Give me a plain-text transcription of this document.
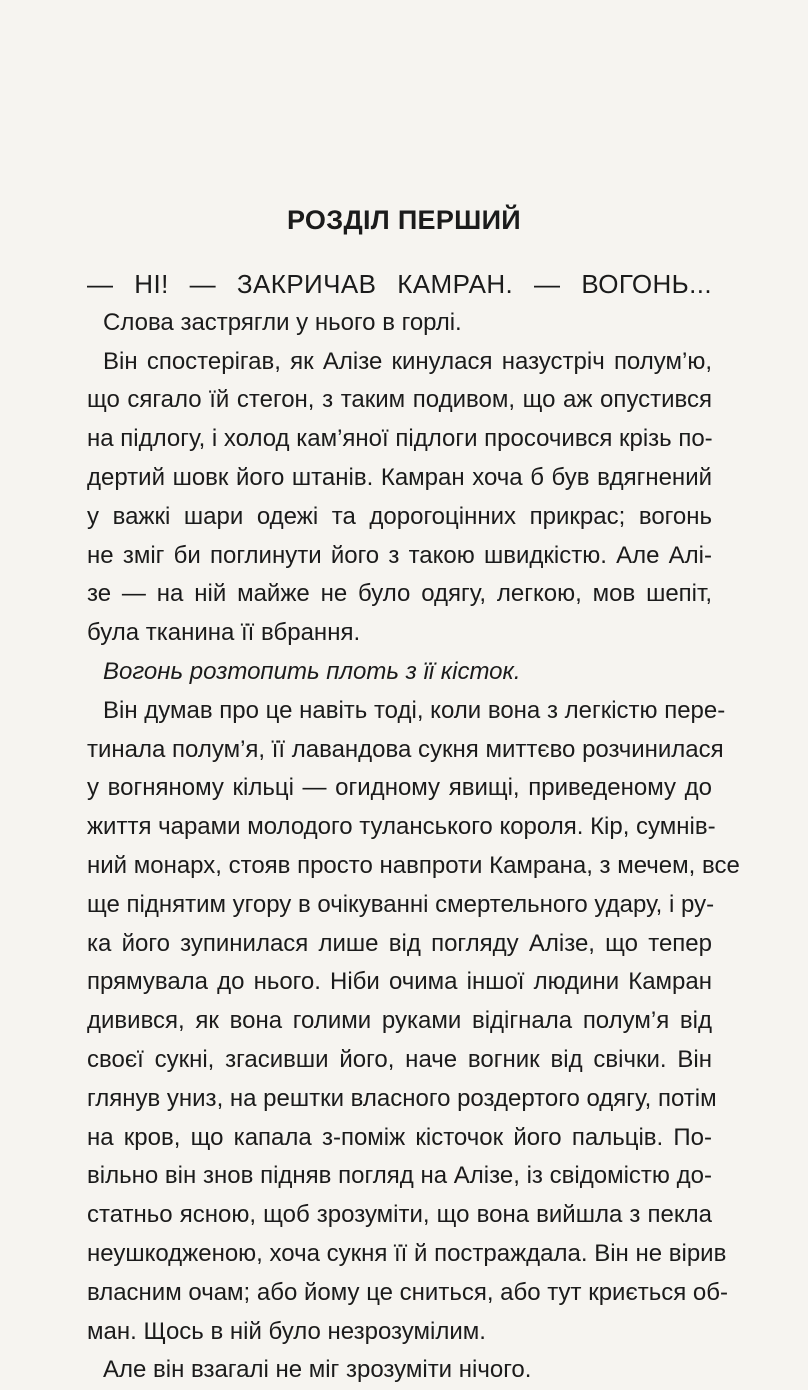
РОЗДІЛ ПЕРШИЙ
— НІ! — ЗАКРИЧАВ КАМРАН. — ВОГОНЬ...
Слова застрягли у нього в горлі.
Він спостерігав, як Алізе кинулася назустріч полум’ю,
що сягало їй стегон, з таким подивом, що аж опустився
на підлогу, і холод кам’яної підлоги просочився крізь по-
дертий шовк його штанів. Камран хоча б був вдягнений
у важкі шари одежі та дорогоцінних прикрас; вогонь
не зміг би поглинути його з такою швидкістю. Але Алі-
зе — на ній майже не було одягу, легкою, мов шепіт,
була тканина її вбрання.
Вогонь розтопить плоть з її кісток.
Він думав про це навіть тоді, коли вона з легкістю пере-
тинала полум’я, її лавандова сукня миттєво розчинилася
у вогняному кільці — огидному явищі, приведеному до
життя чарами молодого туланського короля. Кір, сумнів-
ний монарх, стояв просто навпроти Камрана, з мечем, все
ще піднятим угору в очікуванні смертельного удару, і ру-
ка його зупинилася лише від погляду Алізе, що тепер
прямувала до нього. Ніби очима іншої людини Камран
дивився, як вона голими руками відігнала полум’я від
своєї сукні, згасивши його, наче вогник від свічки. Він
глянув униз, на рештки власного роздертого одягу, потім
на кров, що капала з-поміж кісточок його пальців. По-
вільно він знов підняв погляд на Алізе, із свідомістю до-
статньо ясною, щоб зрозуміти, що вона вийшла з пекла
неушкодженою, хоча сукня її й постраждала. Він не вірив
власним очам; або йому це сниться, або тут криється об-
ман. Щось в ній було незрозумілим.
Але він взагалі не міг зрозуміти нічого.
